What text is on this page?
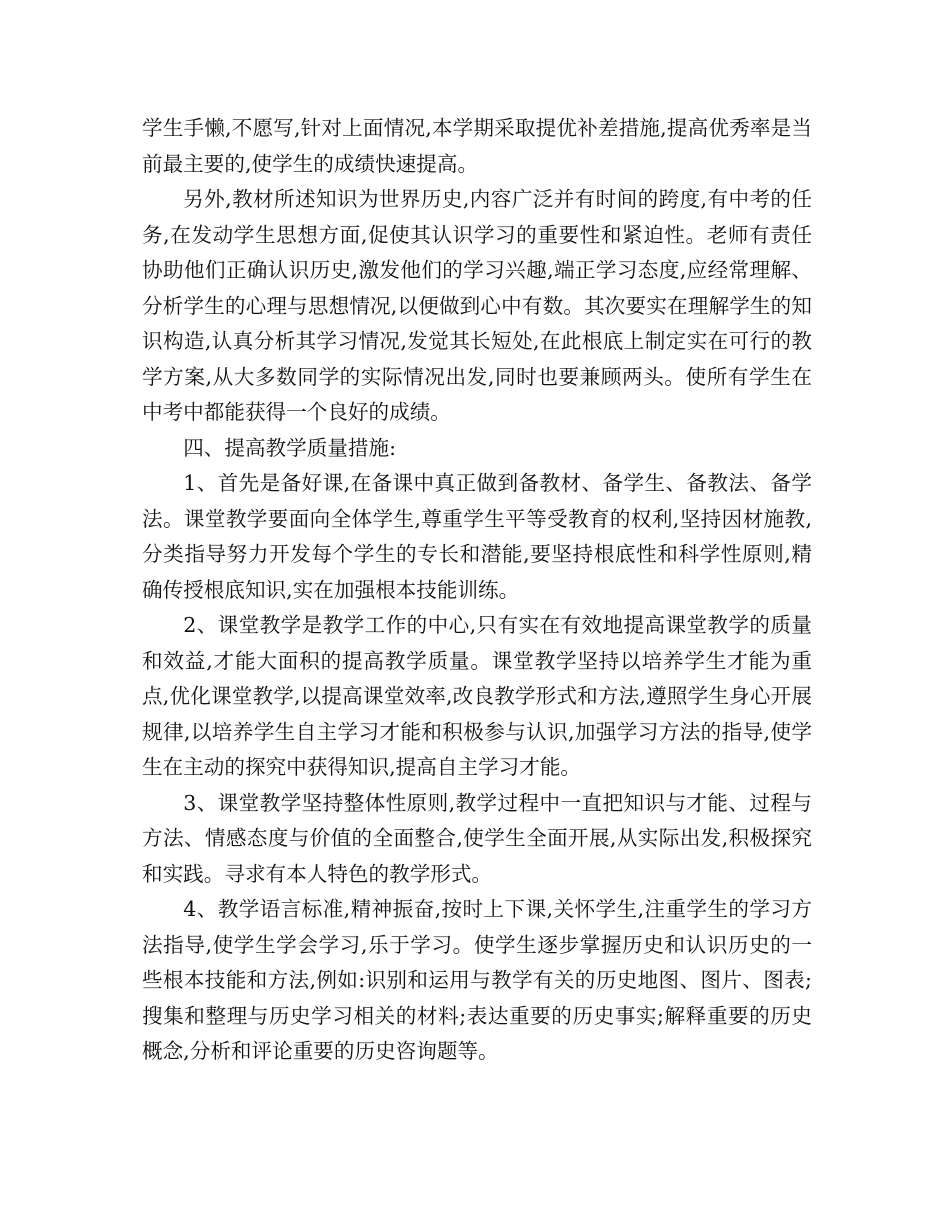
学生手懒,不愿写,针对上面情况,本学期采取提优补差措施,提高优秀率是当前最主要的,使学生的成绩快速提高。

另外,教材所述知识为世界历史,内容广泛并有时间的跨度,有中考的任务,在发动学生思想方面,促使其认识学习的重要性和紧迫性。老师有责任协助他们正确认识历史,激发他们的学习兴趣,端正学习态度,应经常理解、分析学生的心理与思想情况,以便做到心中有数。其次要实在理解学生的知识构造,认真分析其学习情况,发觉其长短处,在此根底上制定实在可行的教学方案,从大多数同学的实际情况出发,同时也要兼顾两头。使所有学生在中考中都能获得一个良好的成绩。

四、提高教学质量措施:

1、首先是备好课,在备课中真正做到备教材、备学生、备教法、备学法。课堂教学要面向全体学生,尊重学生平等受教育的权利,坚持因材施教,分类指导努力开发每个学生的专长和潜能,要坚持根底性和科学性原则,精确传授根底知识,实在加强根本技能训练。

2、课堂教学是教学工作的中心,只有实在有效地提高课堂教学的质量和效益,才能大面积的提高教学质量。课堂教学坚持以培养学生才能为重点,优化课堂教学,以提高课堂效率,改良教学形式和方法,遵照学生身心开展规律,以培养学生自主学习才能和积极参与认识,加强学习方法的指导,使学生在主动的探究中获得知识,提高自主学习才能。

3、课堂教学坚持整体性原则,教学过程中一直把知识与才能、过程与方法、情感态度与价值的全面整合,使学生全面开展,从实际出发,积极探究和实践。寻求有本人特色的教学形式。

4、教学语言标准,精神振奋,按时上下课,关怀学生,注重学生的学习方法指导,使学生学会学习,乐于学习。使学生逐步掌握历史和认识历史的一些根本技能和方法,例如:识别和运用与教学有关的历史地图、图片、图表;搜集和整理与历史学习相关的材料;表达重要的历史事实;解释重要的历史概念,分析和评论重要的历史咨询题等。
